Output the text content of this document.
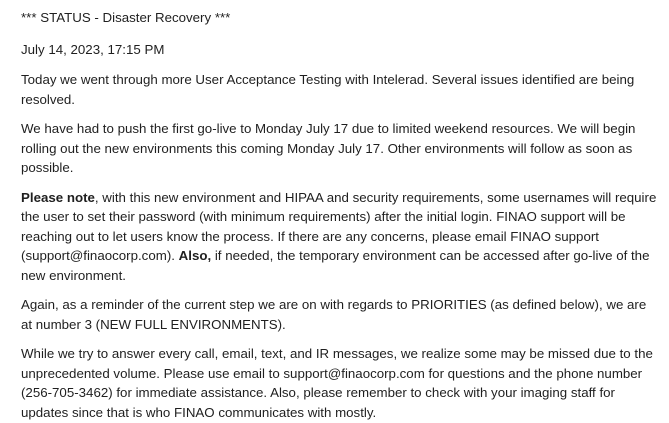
*** STATUS - Disaster Recovery ***

July 14, 2023, 17:15 PM

Today we went through more User Acceptance Testing with Intelerad. Several issues identified are being resolved.

We have had to push the first go-live to Monday July 17 due to limited weekend resources. We will begin rolling out the new environments this coming Monday July 17. Other environments will follow as soon as possible.

Please note, with this new environment and HIPAA and security requirements, some usernames will require the user to set their password (with minimum requirements) after the initial login. FINAO support will be reaching out to let users know the process. If there are any concerns, please email FINAO support (support@finaocorp.com). Also, if needed, the temporary environment can be accessed after go-live of the new environment.

Again, as a reminder of the current step we are on with regards to PRIORITIES (as defined below), we are at number 3 (NEW FULL ENVIRONMENTS).

While we try to answer every call, email, text, and IR messages, we realize some may be missed due to the unprecedented volume. Please use email to support@finaocorp.com for questions and the phone number (256-705-3462) for immediate assistance. Also, please remember to check with your imaging staff for updates since that is who FINAO communicates with mostly.
